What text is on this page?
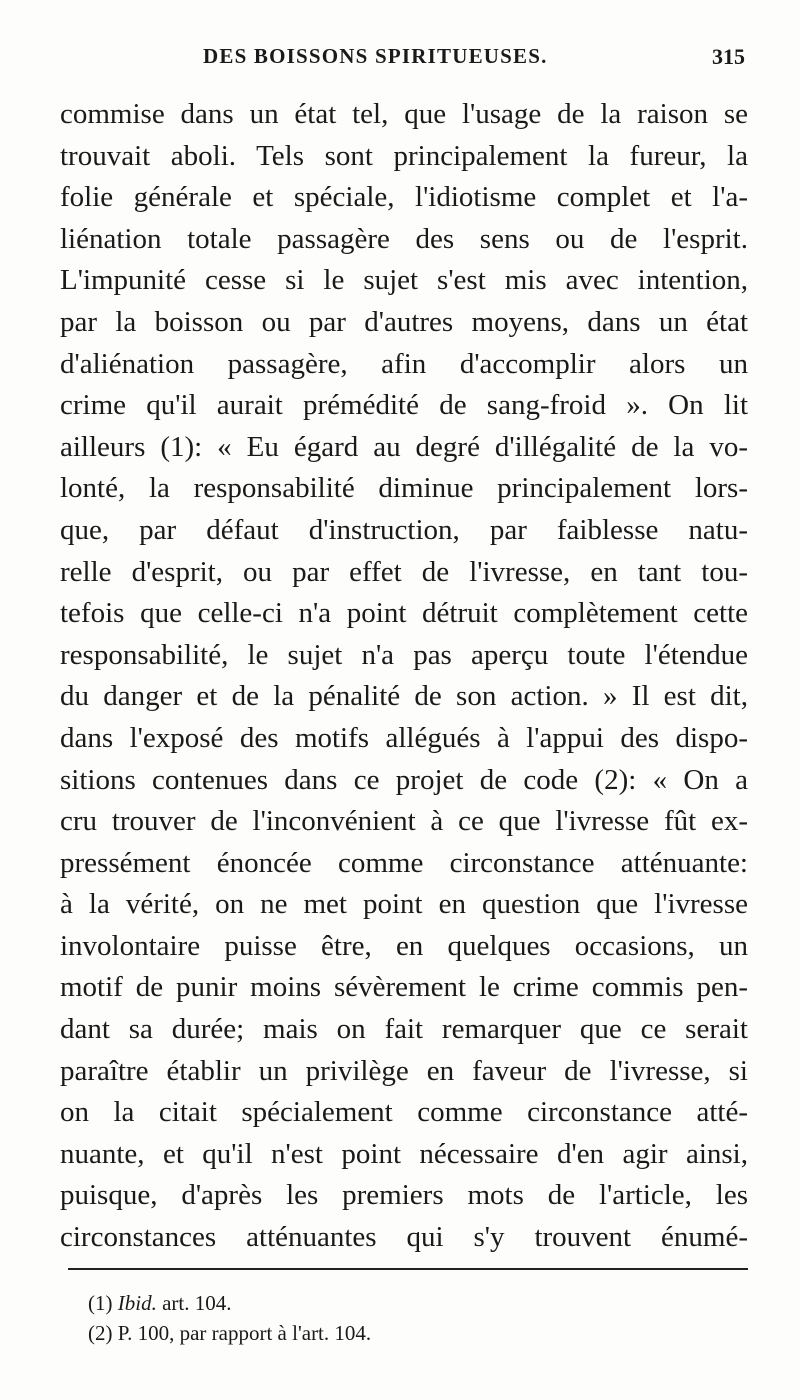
DES BOISSONS SPIRITUEUSES.	315
commise dans un état tel, que l'usage de la raison se
trouvait aboli. Tels sont principalement la fureur, la
folie générale et spéciale, l'idiotisme complet et l'a-
liénation totale passagère des sens ou de l'esprit.
L'impunité cesse si le sujet s'est mis avec intention,
par la boisson ou par d'autres moyens, dans un état
d'aliénation passagère, afin d'accomplir alors un
crime qu'il aurait prémédité de sang-froid ». On lit
ailleurs (1): « Eu égard au degré d'illégalité de la vo-
lonté, la responsabilité diminue principalement lors-
que, par défaut d'instruction, par faiblesse natu-
relle d'esprit, ou par effet de l'ivresse, en tant tou-
tefois que celle-ci n'a point détruit complètement cette
responsabilité, le sujet n'a pas aperçu toute l'étendue
du danger et de la pénalité de son action. » Il est dit,
dans l'exposé des motifs allégués à l'appui des dispo-
sitions contenues dans ce projet de code (2): « On a
cru trouver de l'inconvénient à ce que l'ivresse fût ex-
pressément énoncée comme circonstance atténuante:
à la vérité, on ne met point en question que l'ivresse
involontaire puisse être, en quelques occasions, un
motif de punir moins sévèrement le crime commis pen-
dant sa durée; mais on fait remarquer que ce serait
paraître établir un privilège en faveur de l'ivresse, si
on la citait spécialement comme circonstance atté-
nuante, et qu'il n'est point nécessaire d'en agir ainsi,
puisque, d'après les premiers mots de l'article, les
circonstances atténuantes qui s'y trouvent énumé-
(1) Ibid. art. 104.
(2) P. 100, par rapport à l'art. 104.
